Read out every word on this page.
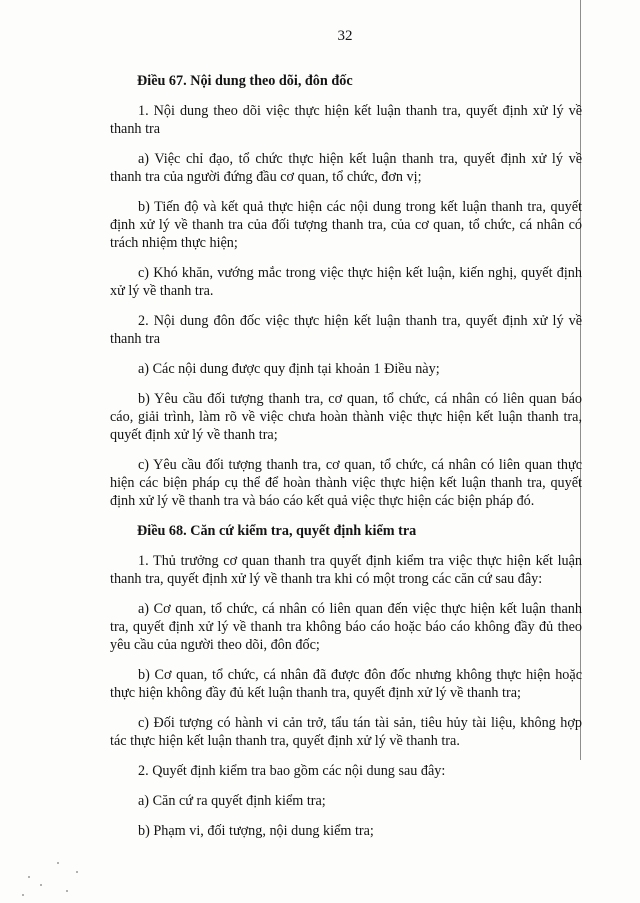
32

Điều 67. Nội dung theo dõi, đôn đốc

1. Nội dung theo dõi việc thực hiện kết luận thanh tra, quyết định xử lý về thanh tra

a) Việc chỉ đạo, tổ chức thực hiện kết luận thanh tra, quyết định xử lý về thanh tra của người đứng đầu cơ quan, tổ chức, đơn vị;

b) Tiến độ và kết quả thực hiện các nội dung trong kết luận thanh tra, quyết định xử lý về thanh tra của đối tượng thanh tra, của cơ quan, tổ chức, cá nhân có trách nhiệm thực hiện;

c) Khó khăn, vướng mắc trong việc thực hiện kết luận, kiến nghị, quyết định xử lý về thanh tra.

2. Nội dung đôn đốc việc thực hiện kết luận thanh tra, quyết định xử lý về thanh tra

a) Các nội dung được quy định tại khoản 1 Điều này;

b) Yêu cầu đối tượng thanh tra, cơ quan, tổ chức, cá nhân có liên quan báo cáo, giải trình, làm rõ về việc chưa hoàn thành việc thực hiện kết luận thanh tra, quyết định xử lý về thanh tra;

c) Yêu cầu đối tượng thanh tra, cơ quan, tổ chức, cá nhân có liên quan thực hiện các biện pháp cụ thể để hoàn thành việc thực hiện kết luận thanh tra, quyết định xử lý về thanh tra và báo cáo kết quả việc thực hiện các biện pháp đó.

Điều 68. Căn cứ kiểm tra, quyết định kiểm tra

1. Thủ trưởng cơ quan thanh tra quyết định kiểm tra việc thực hiện kết luận thanh tra, quyết định xử lý về thanh tra khi có một trong các căn cứ sau đây:

a) Cơ quan, tổ chức, cá nhân có liên quan đến việc thực hiện kết luận thanh tra, quyết định xử lý về thanh tra không báo cáo hoặc báo cáo không đầy đủ theo yêu cầu của người theo dõi, đôn đốc;

b) Cơ quan, tổ chức, cá nhân đã được đôn đốc nhưng không thực hiện hoặc thực hiện không đầy đủ kết luận thanh tra, quyết định xử lý về thanh tra;

c) Đối tượng có hành vi cản trở, tẩu tán tài sản, tiêu hủy tài liệu, không hợp tác thực hiện kết luận thanh tra, quyết định xử lý về thanh tra.

2. Quyết định kiểm tra bao gồm các nội dung sau đây:

a) Căn cứ ra quyết định kiểm tra;

b) Phạm vi, đối tượng, nội dung kiểm tra;
